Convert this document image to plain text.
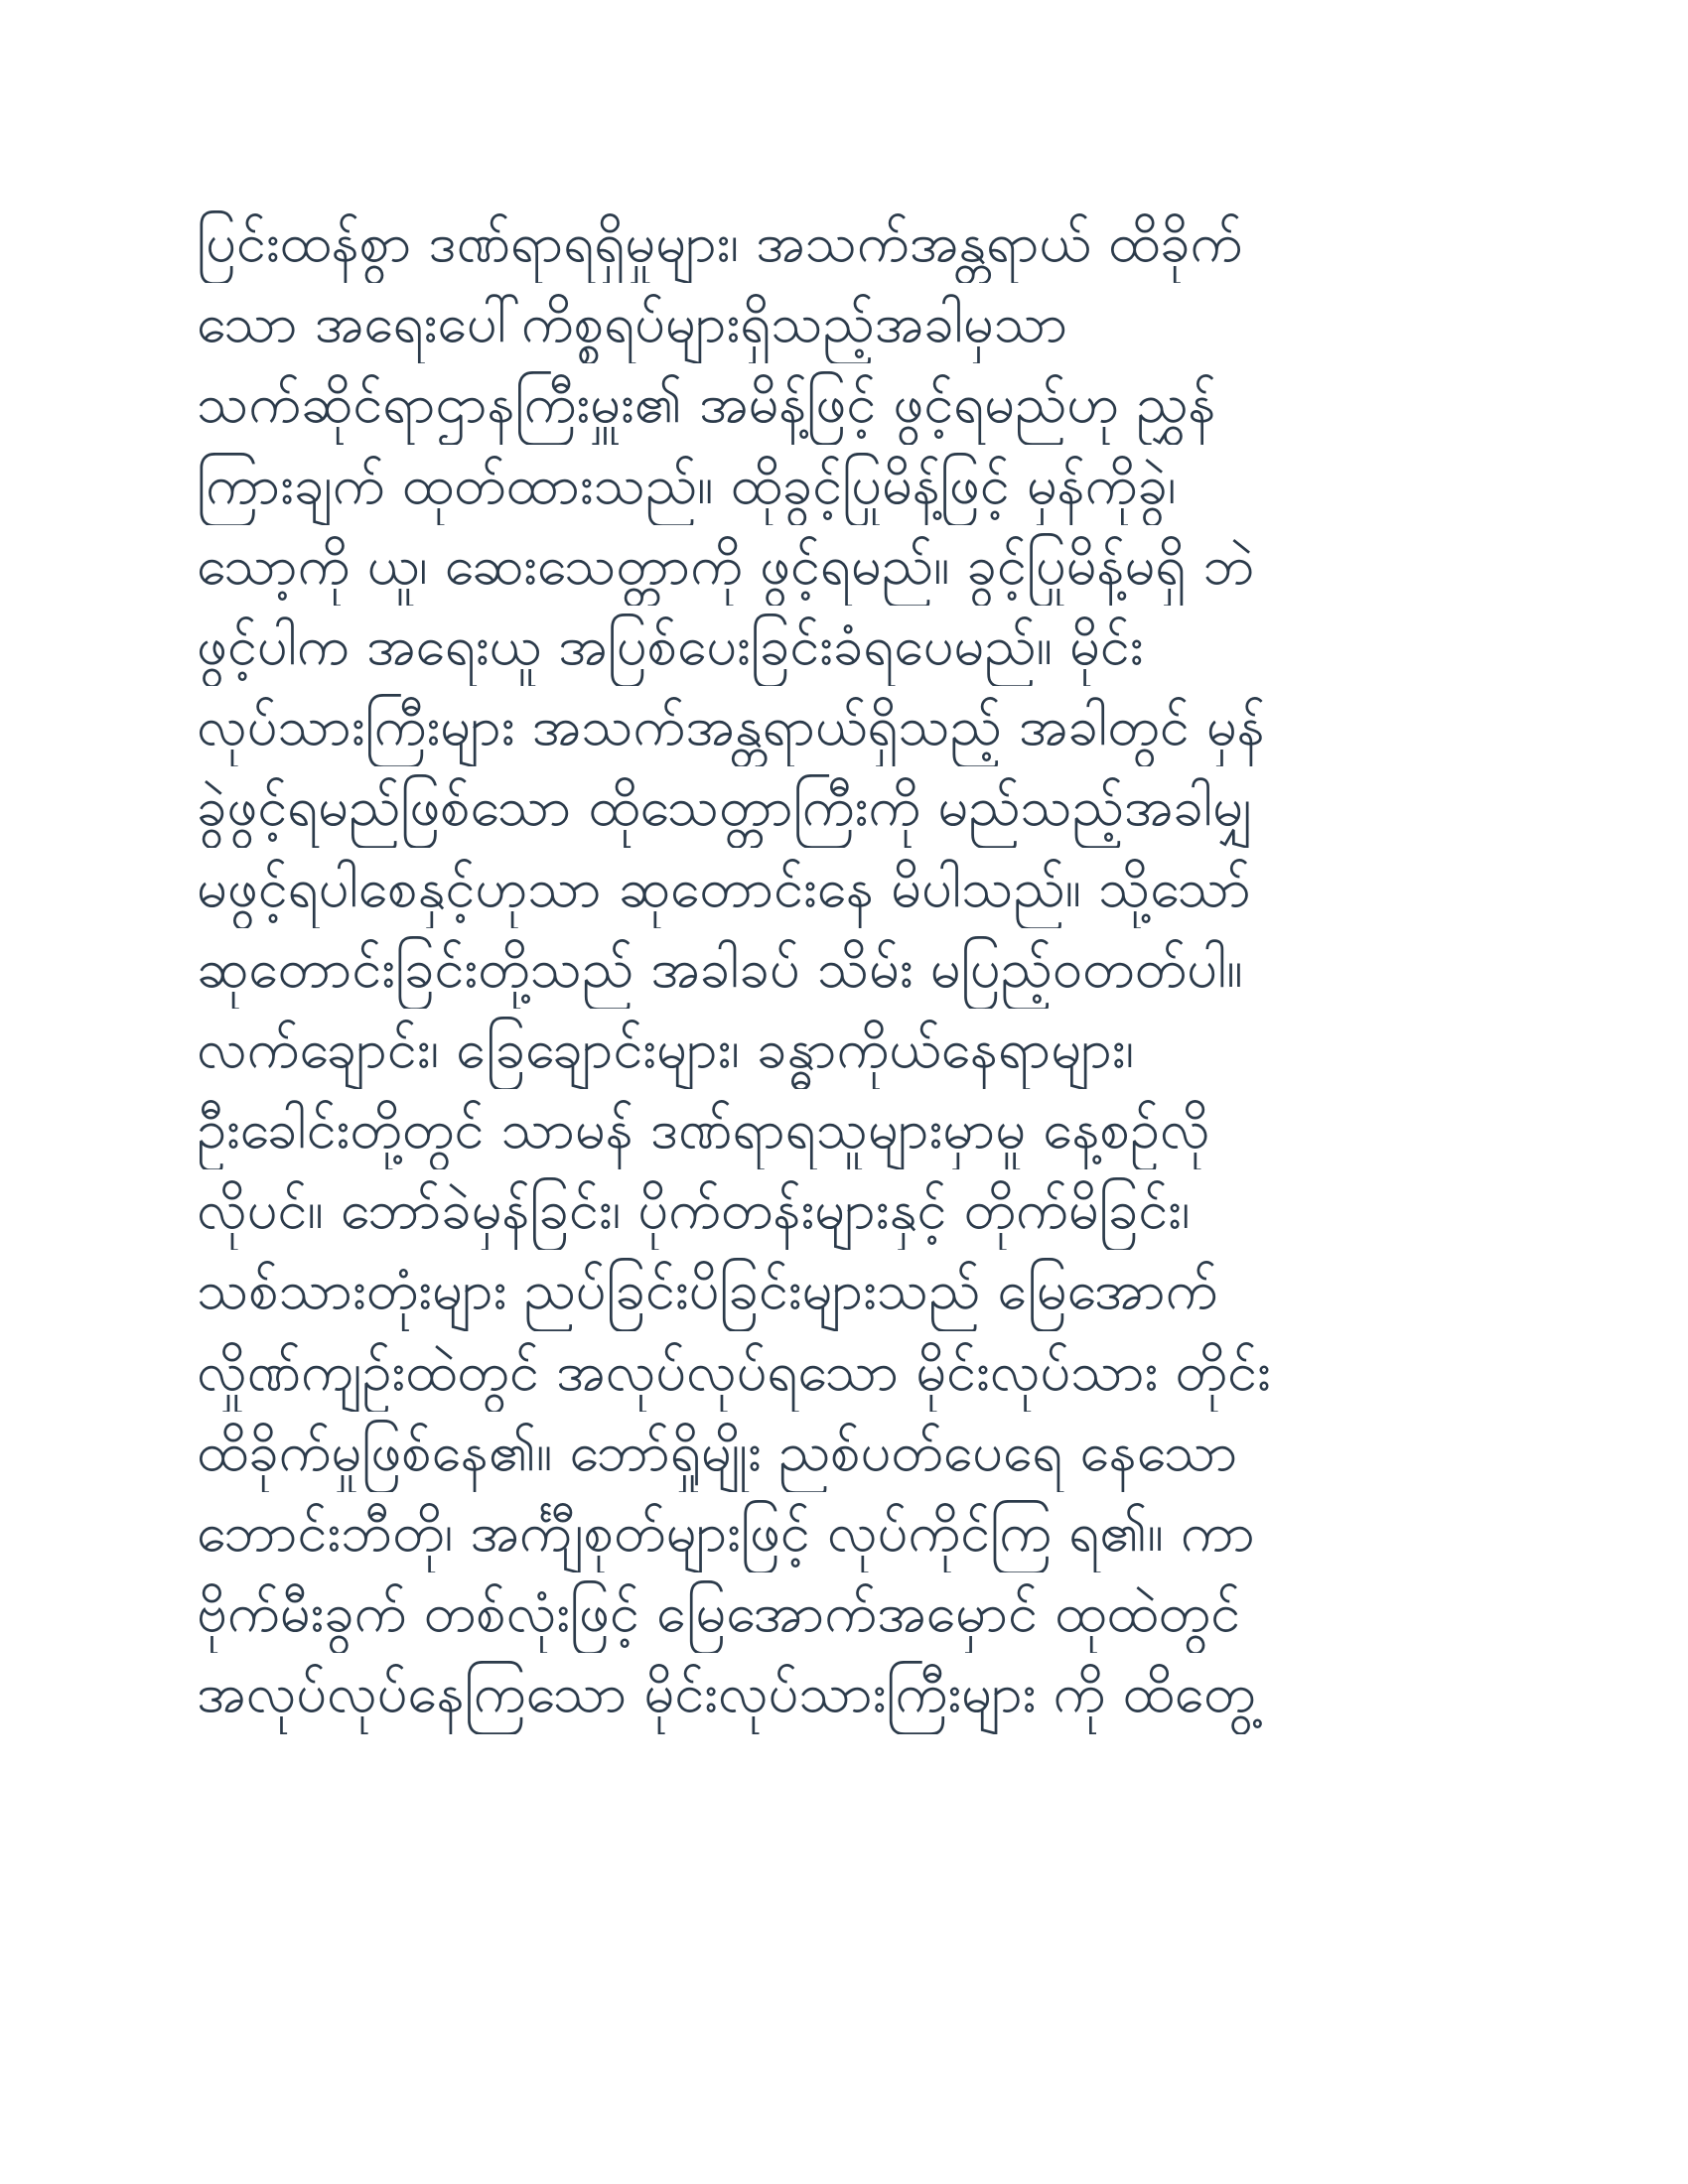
ပြင်းထန်စွာ ဒဏ်ရာရရှိမှုများ၊ အသက်အန္တရာယ် ထိခိုက်
သော အရေးပေါ်ကိစ္စရပ်များရှိသည့်အခါမှသာ
သက်ဆိုင်ရာဌာနကြီးမှူး၏ အမိန့်ဖြင့် ဖွင့်ရမည်ဟု ညွှန်
ကြားချက် ထုတ်ထားသည်။ ထိုခွင့်ပြုမိန့်ဖြင့် မှန်ကိုခွဲ၊
သော့ကို ယူ၊ ဆေးသေတ္တာကို ဖွင့်ရမည်။ ခွင့်ပြုမိန့်မရှိ ဘဲ
ဖွင့်ပါက အရေးယူ အပြစ်ပေးခြင်းခံရပေမည်။ မိုင်း
လုပ်သားကြီးများ အသက်အန္တရာယ်ရှိသည့် အခါတွင် မှန်
ခွဲဖွင့်ရမည်ဖြစ်သော ထိုသေတ္တာကြီးကို မည်သည့်အခါမျှ
မဖွင့်ရပါစေနှင့်ဟုသာ ဆုတောင်းနေ မိပါသည်။ သို့သော်
ဆုတောင်းခြင်းတို့သည် အခါခပ် သိမ်း မပြည့်ဝတတ်ပါ။
လက်ချောင်း၊ ခြေချောင်းများ၊ ခန္ဓာကိုယ်နေရာများ၊
ဦးခေါင်းတို့တွင် သာမန် ဒဏ်ရာရသူများမှာမူ နေ့စဉ်လို
လိုပင်။ ဘော်ခဲမှန်ခြင်း၊ ပိုက်တန်းများနှင့် တိုက်မိခြင်း၊
သစ်သားတုံးများ ညပ်ခြင်းပိခြင်းများသည် မြေအောက်
လှိုဏ်ကျဉ်းထဲတွင် အလုပ်လုပ်ရသော မိုင်းလုပ်သား တိုင်း
ထိခိုက်မှုဖြစ်နေ၏။ ဘော်ရှိုမျိုး ညစ်ပတ်ပေရေ နေသော
ဘောင်းဘီတို၊ အင်္ကျီစုတ်များဖြင့် လုပ်ကိုင်ကြ ရ၏။ ကာ
ဗိုက်မီးခွက် တစ်လုံးဖြင့် မြေအောက်အမှောင် ထုထဲတွင်
အလုပ်လုပ်နေကြသော မိုင်းလုပ်သားကြီးများ ကို ထိတွေ့
